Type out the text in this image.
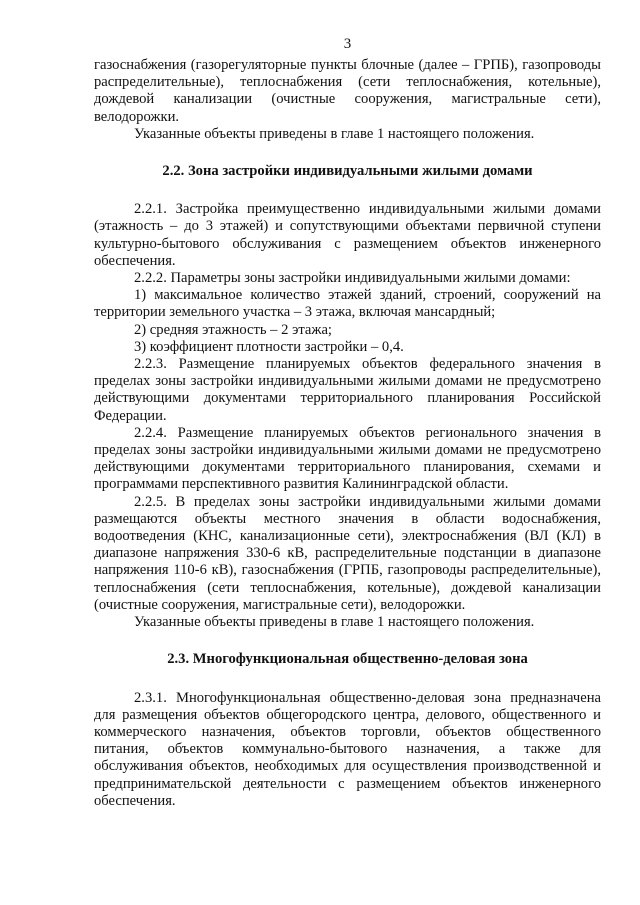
3

газоснабжения (газорегуляторные пункты блочные (далее – ГРПБ), газопроводы распределительные), теплоснабжения (сети теплоснабжения, котельные), дождевой канализации (очистные сооружения, магистральные сети), велодорожки.

Указанные объекты приведены в главе 1 настоящего положения.

2.2. Зона застройки индивидуальными жилыми домами

2.2.1. Застройка преимущественно индивидуальными жилыми домами (этажность – до 3 этажей) и сопутствующими объектами первичной ступени культурно-бытового обслуживания с размещением объектов инженерного обеспечения.

2.2.2. Параметры зоны застройки индивидуальными жилыми домами:

1) максимальное количество этажей зданий, строений, сооружений на территории земельного участка – 3 этажа, включая мансардный;

2) средняя этажность – 2 этажа;

3) коэффициент плотности застройки – 0,4.

2.2.3. Размещение планируемых объектов федерального значения в пределах зоны застройки индивидуальными жилыми домами не предусмотрено действующими документами территориального планирования Российской Федерации.

2.2.4. Размещение планируемых объектов регионального значения в пределах зоны застройки индивидуальными жилыми домами не предусмотрено действующими документами территориального планирования, схемами и программами перспективного развития Калининградской области.

2.2.5. В пределах зоны застройки индивидуальными жилыми домами размещаются объекты местного значения в области водоснабжения, водоотведения (КНС, канализационные сети), электроснабжения (ВЛ (КЛ) в диапазоне напряжения 330-6 кВ, распределительные подстанции в диапазоне напряжения 110-6 кВ), газоснабжения (ГРПБ, газопроводы распределительные), теплоснабжения (сети теплоснабжения, котельные), дождевой канализации (очистные сооружения, магистральные сети), велодорожки.

Указанные объекты приведены в главе 1 настоящего положения.

2.3. Многофункциональная общественно-деловая зона

2.3.1. Многофункциональная общественно-деловая зона предназначена для размещения объектов общегородского центра, делового, общественного и коммерческого назначения, объектов торговли, объектов общественного питания, объектов коммунально-бытового назначения, а также для обслуживания объектов, необходимых для осуществления производственной и предпринимательской деятельности с размещением объектов инженерного обеспечения.
